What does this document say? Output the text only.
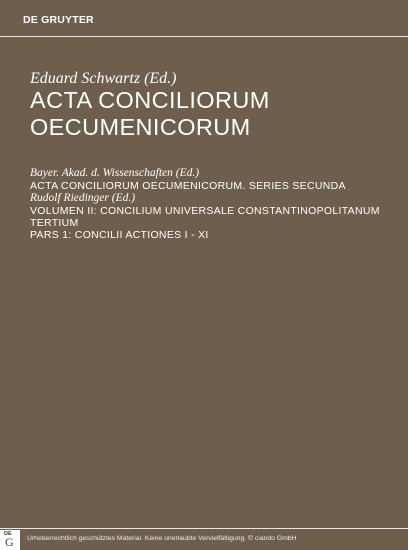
DE GRUYTER
Eduard Schwartz (Ed.)
ACTA CONCILIORUM
OECUMENICORUM
Bayer. Akad. d. Wissenschaften (Ed.)
ACTA CONCILIORUM OECUMENICORUM. SERIES SECUNDA
Rudolf Riedinger (Ed.)
VOLUMEN II: CONCILIUM UNIVERSALE CONSTANTINOPOLITANUM
TERTIUM
PARS 1: CONCILII ACTIONES I - XI
DE
G Urheberrechtlich geschütztes Material. Keine unerlaubte Vervielfältigung. © ciando GmbH
